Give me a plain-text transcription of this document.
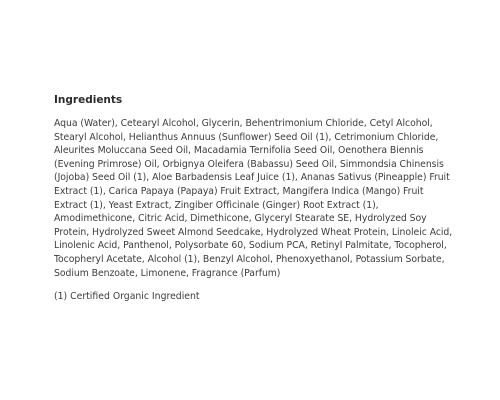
Ingredients

Aqua (Water), Cetearyl Alcohol, Glycerin, Behentrimonium Chloride, Cetyl Alcohol, Stearyl Alcohol, Helianthus Annuus (Sunflower) Seed Oil (1), Cetrimonium Chloride, Aleurites Moluccana Seed Oil, Macadamia Ternifolia Seed Oil, Oenothera Biennis (Evening Primrose) Oil, Orbignya Oleifera (Babassu) Seed Oil, Simmondsia Chinensis (Jojoba) Seed Oil (1), Aloe Barbadensis Leaf Juice (1), Ananas Sativus (Pineapple) Fruit Extract (1), Carica Papaya (Papaya) Fruit Extract, Mangifera Indica (Mango) Fruit Extract (1), Yeast Extract, Zingiber Officinale (Ginger) Root Extract (1), Amodimethicone, Citric Acid, Dimethicone, Glyceryl Stearate SE, Hydrolyzed Soy Protein, Hydrolyzed Sweet Almond Seedcake, Hydrolyzed Wheat Protein, Linoleic Acid, Linolenic Acid, Panthenol, Polysorbate 60, Sodium PCA, Retinyl Palmitate, Tocopherol, Tocopheryl Acetate, Alcohol (1), Benzyl Alcohol, Phenoxyethanol, Potassium Sorbate, Sodium Benzoate, Limonene, Fragrance (Parfum)

(1) Certified Organic Ingredient
